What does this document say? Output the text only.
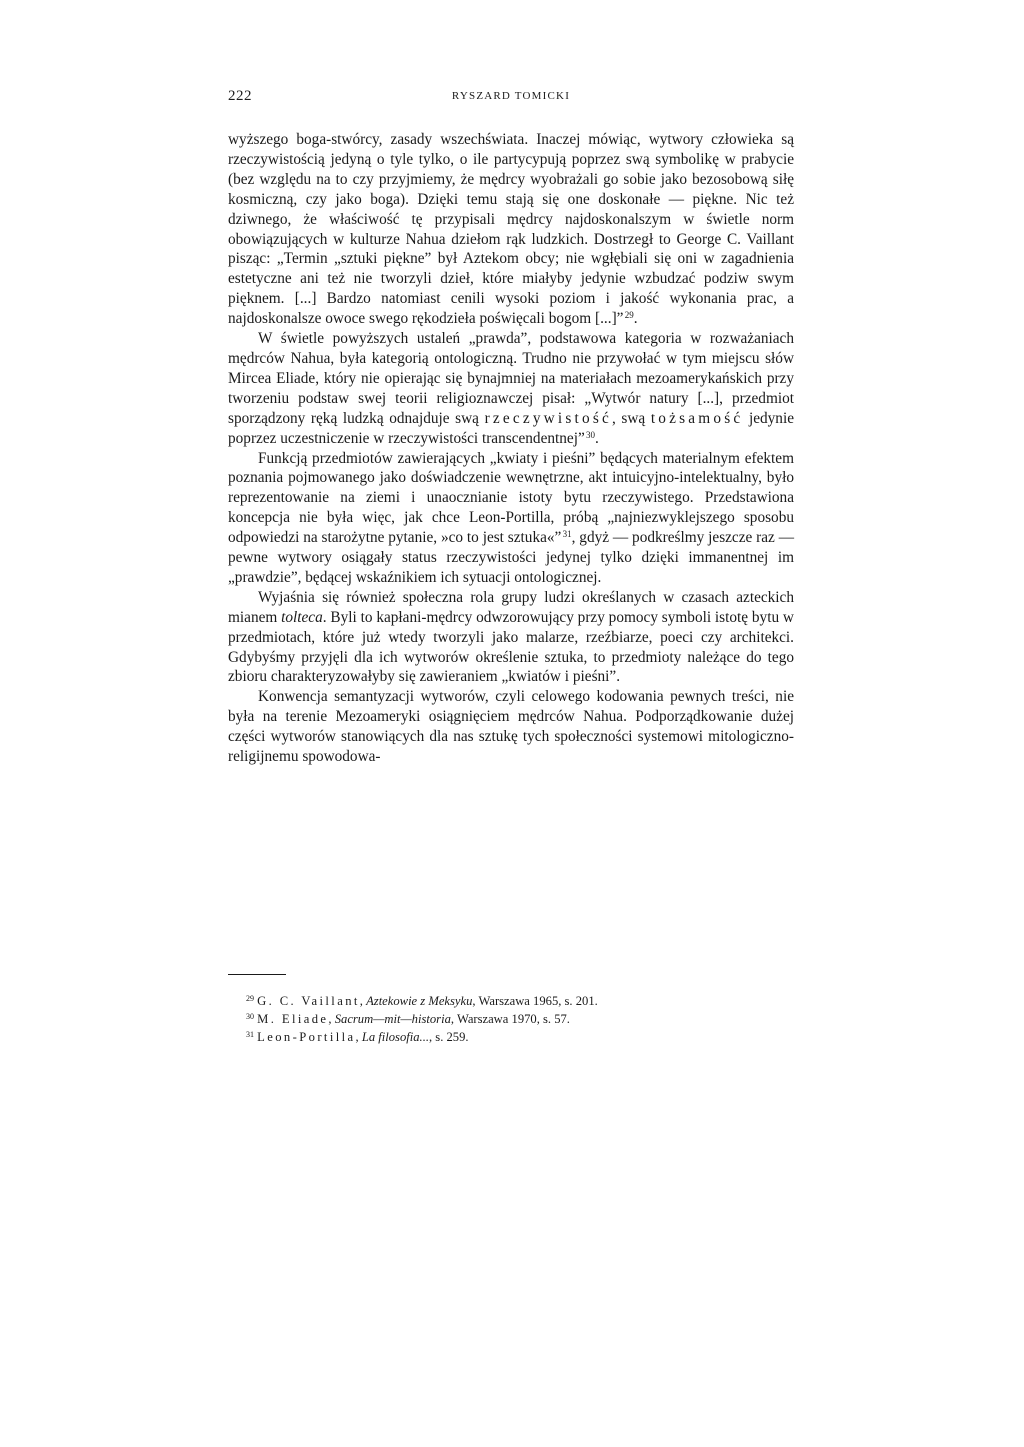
222	RYSZARD TOMICKI

wyższego boga-stwórcy, zasady wszechświata. Inaczej mówiąc, wytwory człowieka są rzeczywistością jedyną o tyle tylko, o ile partycypują poprzez swą symbolikę w prabycie (bez względu na to czy przyjmiemy, że mędrcy wyobrażali go sobie jako bezosobową siłę kosmiczną, czy jako boga). Dzięki temu stają się one doskonałe — piękne. Nic też dziwnego, że właściwość tę przypisali mędrcy najdoskonalszym w świetle norm obowiązujących w kulturze Nahua dziełom rąk ludzkich. Dostrzegł to George C. Vaillant pisząc: „Termin „sztuki piękne” był Aztekom obcy; nie wgłębiali się oni w zagadnienia estetyczne ani też nie tworzyli dzieł, które miałyby jedynie wzbudzać podziw swym pięknem. [...] Bardzo natomiast cenili wysoki poziom i jakość wykonania prac, a najdoskonalsze owoce swego rękodzieła poświęcali bogom [...]” $^{29}$.

W świetle powyższych ustaleń „prawda”, podstawowa kategoria w rozważaniach mędrców Nahua, była kategorią ontologiczną. Trudno nie przywołać w tym miejscu słów Mircea Eliade, który nie opierając się bynajmniej na materiałach mezoamerykańskich przy tworzeniu podstaw swej teorii religioznawczej pisał: „Wytwór natury [...], przedmiot sporządzony ręką ludzką odnajduje swą rzeczywistość, swą tożsamość jedynie poprzez uczestniczenie w rzeczywistości transcendentnej” $^{30}$.

Funkcją przedmiotów zawierających „kwiaty i pieśni” będących materialnym efektem poznania pojmowanego jako doświadczenie wewnętrzne, akt intuicyjno-intelektualny, było reprezentowanie na ziemi i unaocznianie istoty bytu rzeczywistego. Przedstawiona koncepcja nie była więc, jak chce Leon-Portilla, próbą „najniezwyklejszego sposobu odpowiedzi na starożytne pytanie, »co to jest sztuka«” $^{31}$, gdyż — podkreślmy jeszcze raz — pewne wytwory osiągały status rzeczywistości jedynej tylko dzięki immanentnej im „prawdzie”, będącej wskaźnikiem ich sytuacji ontologicznej.

Wyjaśnia się również społeczna rola grupy ludzi określanych w czasach azteckich mianem tolteca. Byli to kapłani-mędrcy odwzorowujący przy pomocy symboli istotę bytu w przedmiotach, które już wtedy tworzyli jako malarze, rzeźbiarze, poeci czy architekci. Gdybyśmy przyjęli dla ich wytworów określenie sztuka, to przedmioty należące do tego zbioru charakteryzowałyby się zawieraniem „kwiatów i pieśni”.

Konwencja semantyzacji wytworów, czyli celowego kodowania pewnych treści, nie była na terenie Mezoameryki osiągnięciem mędrców Nahua. Podporządkowanie dużej części wytworów stanowiących dla nas sztukę tych społeczności systemowi mitologiczno-religijnemu spowodowa-

$^{29}$ G. C. Vaillant, Aztekowie z Meksyku, Warszawa 1965, s. 201.

$^{30}$ M. Eliade, Sacrum—mit—historia, Warszawa 1970, s. 57.

$^{31}$ Leon-Portilla, La filosofia..., s. 259.
